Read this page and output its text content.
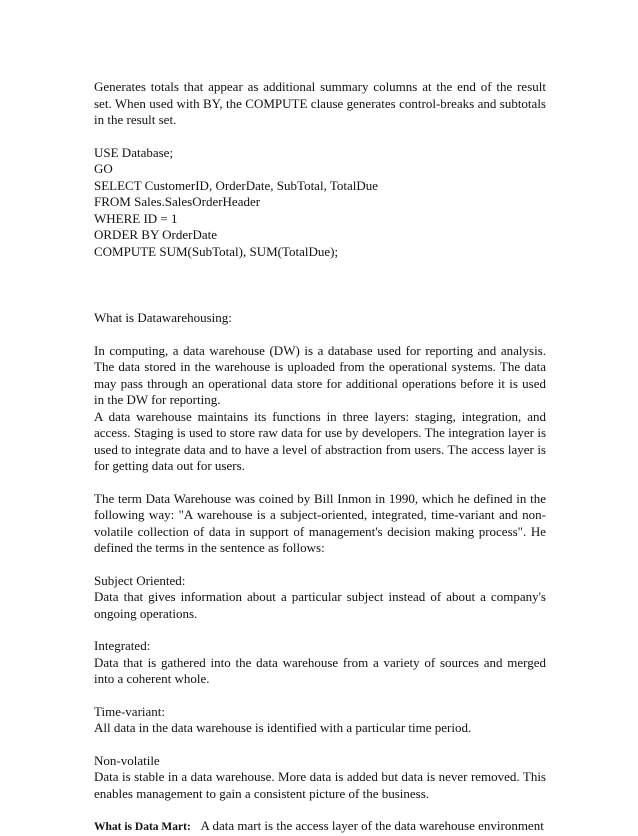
Generates totals that appear as additional summary columns at the end of the result set. When used with BY, the COMPUTE clause generates control-breaks and subtotals in the result set.

USE Database;
GO
SELECT CustomerID, OrderDate, SubTotal, TotalDue
FROM Sales.SalesOrderHeader
WHERE ID = 1
ORDER BY OrderDate
COMPUTE SUM(SubTotal), SUM(TotalDue);

What is Datawarehousing:

In computing, a data warehouse (DW) is a database used for reporting and analysis. The data stored in the warehouse is uploaded from the operational systems. The data may pass through an operational data store for additional operations before it is used in the DW for reporting.

A data warehouse maintains its functions in three layers: staging, integration, and access. Staging is used to store raw data for use by developers. The integration layer is used to integrate data and to have a level of abstraction from users. The access layer is for getting data out for users.

The term Data Warehouse was coined by Bill Inmon in 1990, which he defined in the following way: "A warehouse is a subject-oriented, integrated, time-variant and non-volatile collection of data in support of management's decision making process". He defined the terms in the sentence as follows:

Subject Oriented:

Data that gives information about a particular subject instead of about a company's ongoing operations.

Integrated:

Data that is gathered into the data warehouse from a variety of sources and merged into a coherent whole.

Time-variant:

All data in the data warehouse is identified with a particular time period.

Non-volatile

Data is stable in a data warehouse. More data is added but data is never removed. This enables management to gain a consistent picture of the business.

What is Data Mart: A data mart is the access layer of the data warehouse environment
